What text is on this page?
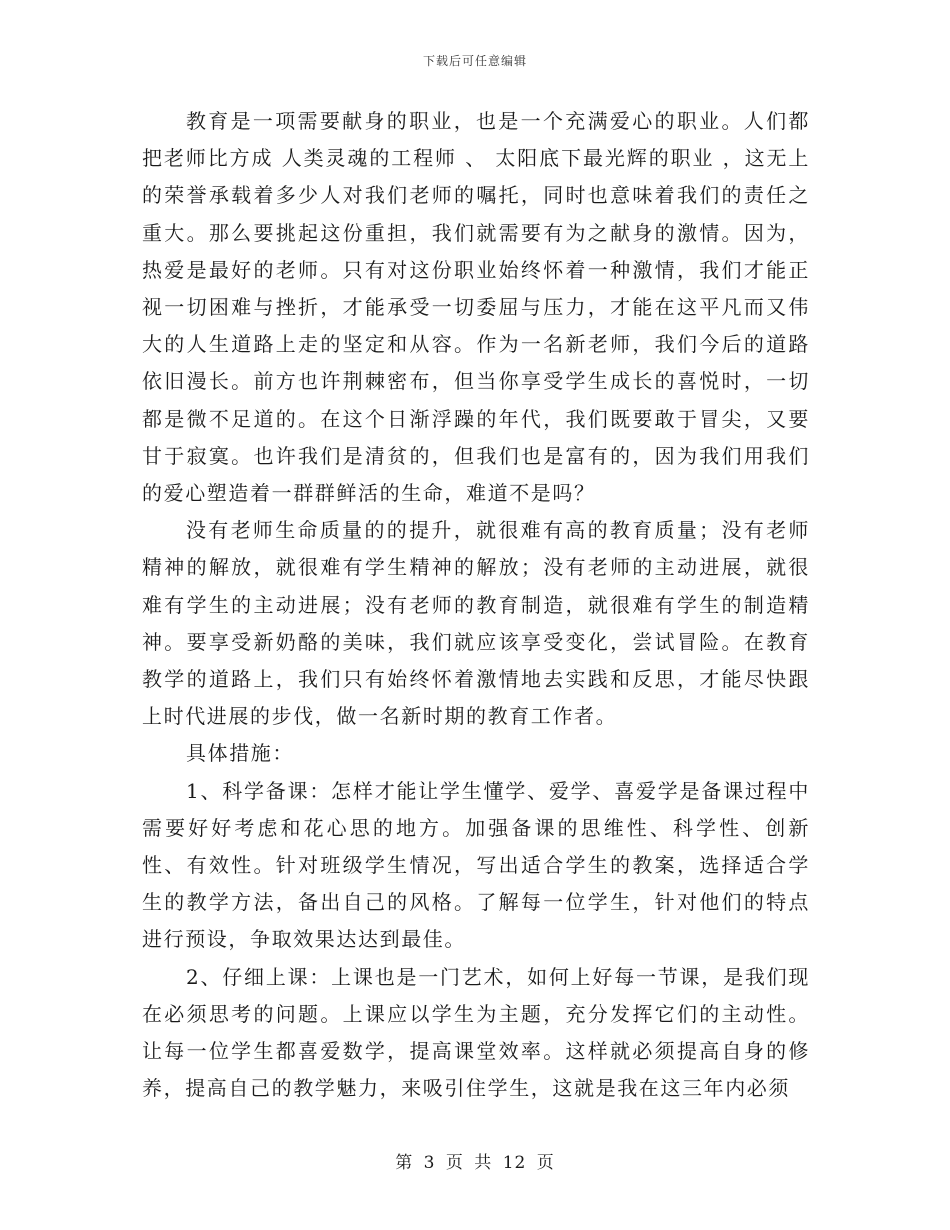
下载后可任意编辑

教育是一项需要献身的职业，也是一个充满爱心的职业。人们都把老师比方成 人类灵魂的工程师 、 太阳底下最光辉的职业 ，这无上的荣誉承载着多少人对我们老师的嘱托，同时也意味着我们的责任之重大。那么要挑起这份重担，我们就需要有为之献身的激情。因为，热爱是最好的老师。只有对这份职业始终怀着一种激情，我们才能正视一切困难与挫折，才能承受一切委屈与压力，才能在这平凡而又伟大的人生道路上走的坚定和从容。作为一名新老师，我们今后的道路依旧漫长。前方也许荆棘密布，但当你享受学生成长的喜悦时，一切都是微不足道的。在这个日渐浮躁的年代，我们既要敢于冒尖，又要甘于寂寞。也许我们是清贫的，但我们也是富有的，因为我们用我们的爱心塑造着一群群鲜活的生命，难道不是吗？

没有老师生命质量的的提升，就很难有高的教育质量；没有老师精神的解放，就很难有学生精神的解放；没有老师的主动进展，就很难有学生的主动进展；没有老师的教育制造，就很难有学生的制造精神。要享受新奶酪的美味，我们就应该享受变化，尝试冒险。在教育教学的道路上，我们只有始终怀着激情地去实践和反思，才能尽快跟上时代进展的步伐，做一名新时期的教育工作者。

具体措施：

1、科学备课：怎样才能让学生懂学、爱学、喜爱学是备课过程中需要好好考虑和花心思的地方。加强备课的思维性、科学性、创新性、有效性。针对班级学生情况，写出适合学生的教案，选择适合学生的教学方法，备出自己的风格。了解每一位学生，针对他们的特点进行预设，争取效果达达到最佳。

2、仔细上课：上课也是一门艺术，如何上好每一节课，是我们现在必须思考的问题。上课应以学生为主题，充分发挥它们的主动性。让每一位学生都喜爱数学，提高课堂效率。这样就必须提高自身的修养，提高自己的教学魅力，来吸引住学生，这就是我在这三年内必须

第 3 页 共 12 页
